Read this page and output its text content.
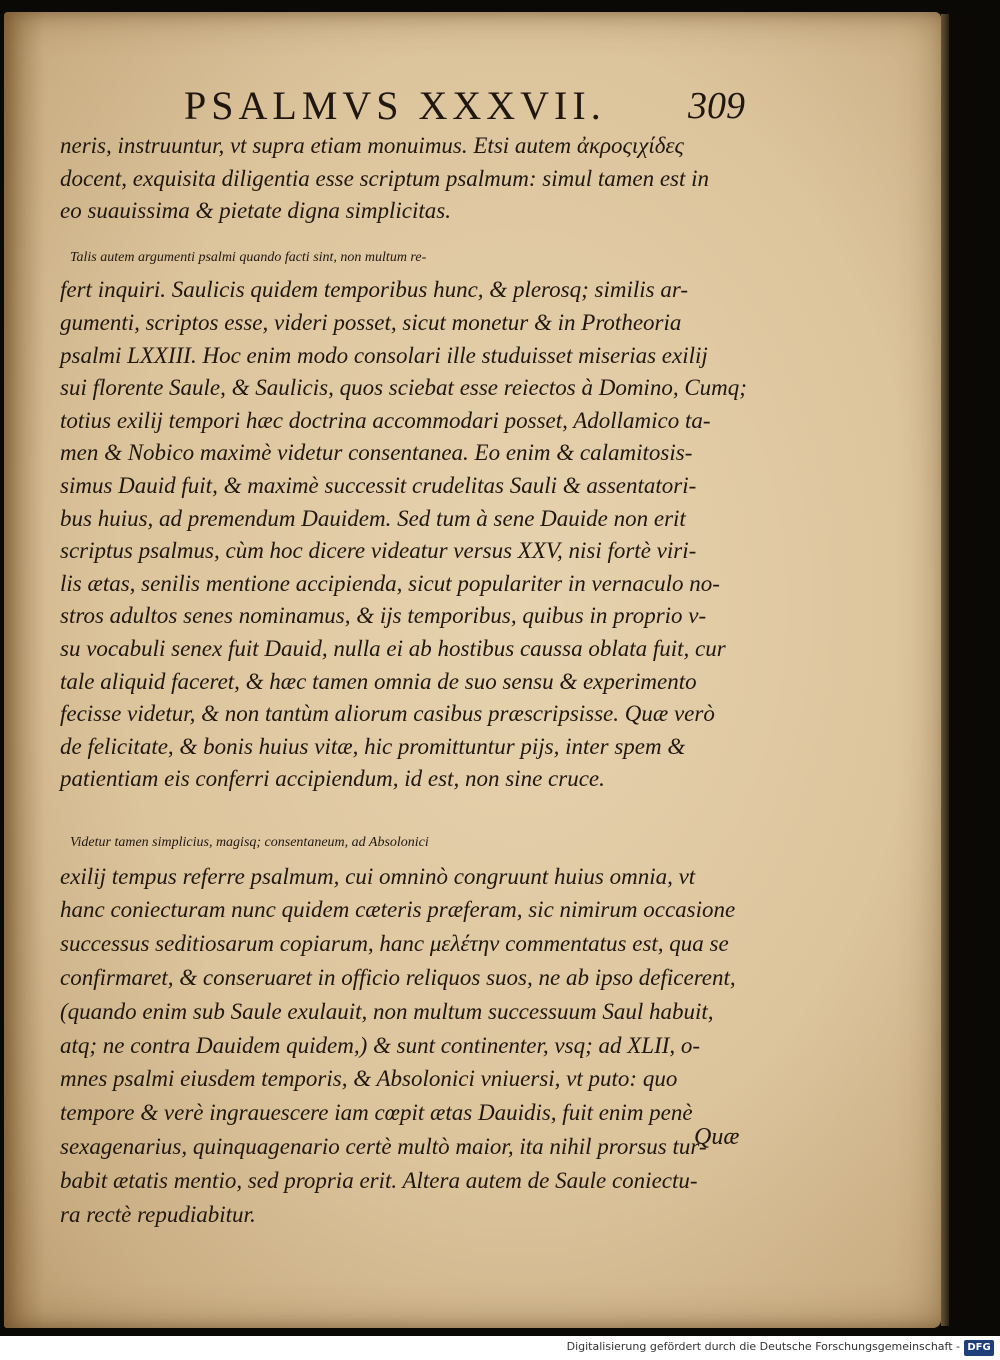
PSALMVS XXXVII.	309
neris, instruuntur, vt supra etiam monuimus. Etsi autem ἀκροςιχίδες
docent, exquisita diligentia esse scriptum psalmum: simul tamen est in
eo suauissima & pietate digna simplicitas.
Talis autem argumenti psalmi quando facti sint, non multum re-
fert inquiri. Saulicis quidem temporibus hunc, & plerosq; similis ar-
gumenti, scriptos esse, videri posset, sicut monetur & in Protheoria
psalmi LXXIII. Hoc enim modo consolari ille studuisset miserias exilij
sui florente Saule, & Saulicis, quos sciebat esse reiectos à Domino, Cumq;
totius exilij tempori hæc doctrina accommodari posset, Adollamico ta-
men & Nobico maximè videtur consentanea. Eo enim & calamitosis-
simus Dauid fuit, & maximè successit crudelitas Sauli & assentatori-
bus huius, ad premendum Dauidem. Sed tum à sene Dauide non erit
scriptus psalmus, cùm hoc dicere videatur versus XXV, nisi fortè viri-
lis ætas, senilis mentione accipienda, sicut populariter in vernaculo no-
stros adultos senes nominamus, & ijs temporibus, quibus in proprio v-
su vocabuli senex fuit Dauid, nulla ei ab hostibus caussa oblata fuit, cur
tale aliquid faceret, & hæc tamen omnia de suo sensu & experimento
fecisse videtur, & non tantùm aliorum casibus præscripsisse. Quæ verò
de felicitate, & bonis huius vitæ, hic promittuntur pijs, inter spem &
patientiam eis conferri accipiendum, id est, non sine cruce.
Videtur tamen simplicius, magisq; consentaneum, ad Absolonici
exilij tempus referre psalmum, cui omninò congruunt huius omnia, vt
hanc coniecturam nunc quidem cæteris præferam, sic nimirum occasione
successus seditiosarum copiarum, hanc μελέτην commentatus est, qua se
confirmaret, & conseruaret in officio reliquos suos, ne ab ipso deficerent,
(quando enim sub Saule exulauit, non multum successuum Saul habuit,
atq; ne contra Dauidem quidem,) & sunt continenter, vsq; ad XLII, o-
mnes psalmi eiusdem temporis, & Absolonici vniuersi, vt puto: quo
tempore & verè ingrauescere iam cœpit ætas Dauidis, fuit enim penè
sexagenarius, quinquagenario certè multò maior, ita nihil prorsus tur-
babit ætatis mentio, sed propria erit. Altera autem de Saule coniectu-
ra rectè repudiabitur.
Quæ
Digitalisierung gefördert durch die Deutsche Forschungsgemeinschaft - DFG
